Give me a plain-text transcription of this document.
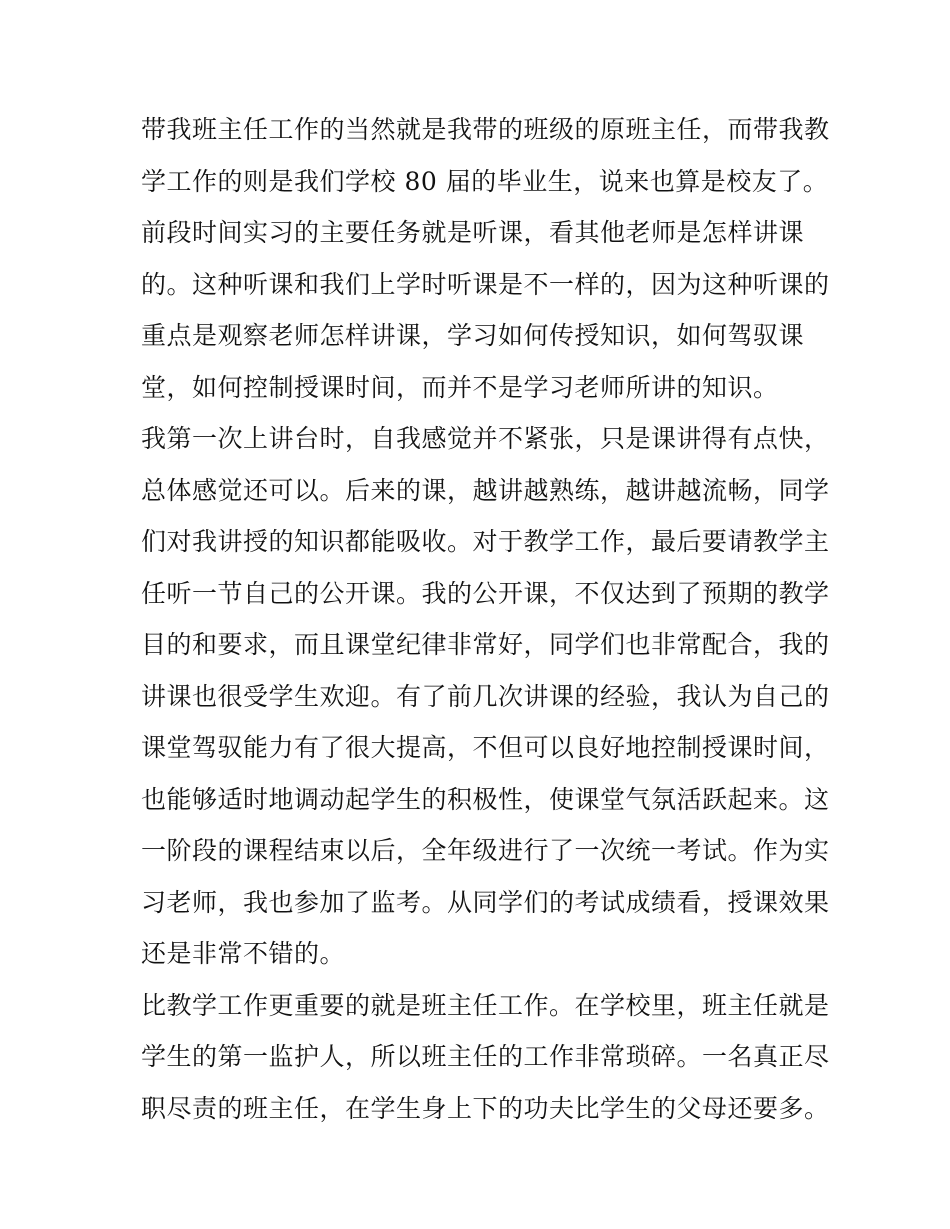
带我班主任工作的当然就是我带的班级的原班主任，而带我教
学工作的则是我们学校 80 届的毕业生，说来也算是校友了。
前段时间实习的主要任务就是听课，看其他老师是怎样讲课
的。这种听课和我们上学时听课是不一样的，因为这种听课的
重点是观察老师怎样讲课，学习如何传授知识，如何驾驭课
堂，如何控制授课时间，而并不是学习老师所讲的知识。
我第一次上讲台时，自我感觉并不紧张，只是课讲得有点快，
总体感觉还可以。后来的课，越讲越熟练，越讲越流畅，同学
们对我讲授的知识都能吸收。对于教学工作，最后要请教学主
任听一节自己的公开课。我的公开课，不仅达到了预期的教学
目的和要求，而且课堂纪律非常好，同学们也非常配合，我的
讲课也很受学生欢迎。有了前几次讲课的经验，我认为自己的
课堂驾驭能力有了很大提高，不但可以良好地控制授课时间，
也能够适时地调动起学生的积极性，使课堂气氛活跃起来。这
一阶段的课程结束以后，全年级进行了一次统一考试。作为实
习老师，我也参加了监考。从同学们的考试成绩看，授课效果
还是非常不错的。
比教学工作更重要的就是班主任工作。在学校里，班主任就是
学生的第一监护人，所以班主任的工作非常琐碎。一名真正尽
职尽责的班主任，在学生身上下的功夫比学生的父母还要多。
